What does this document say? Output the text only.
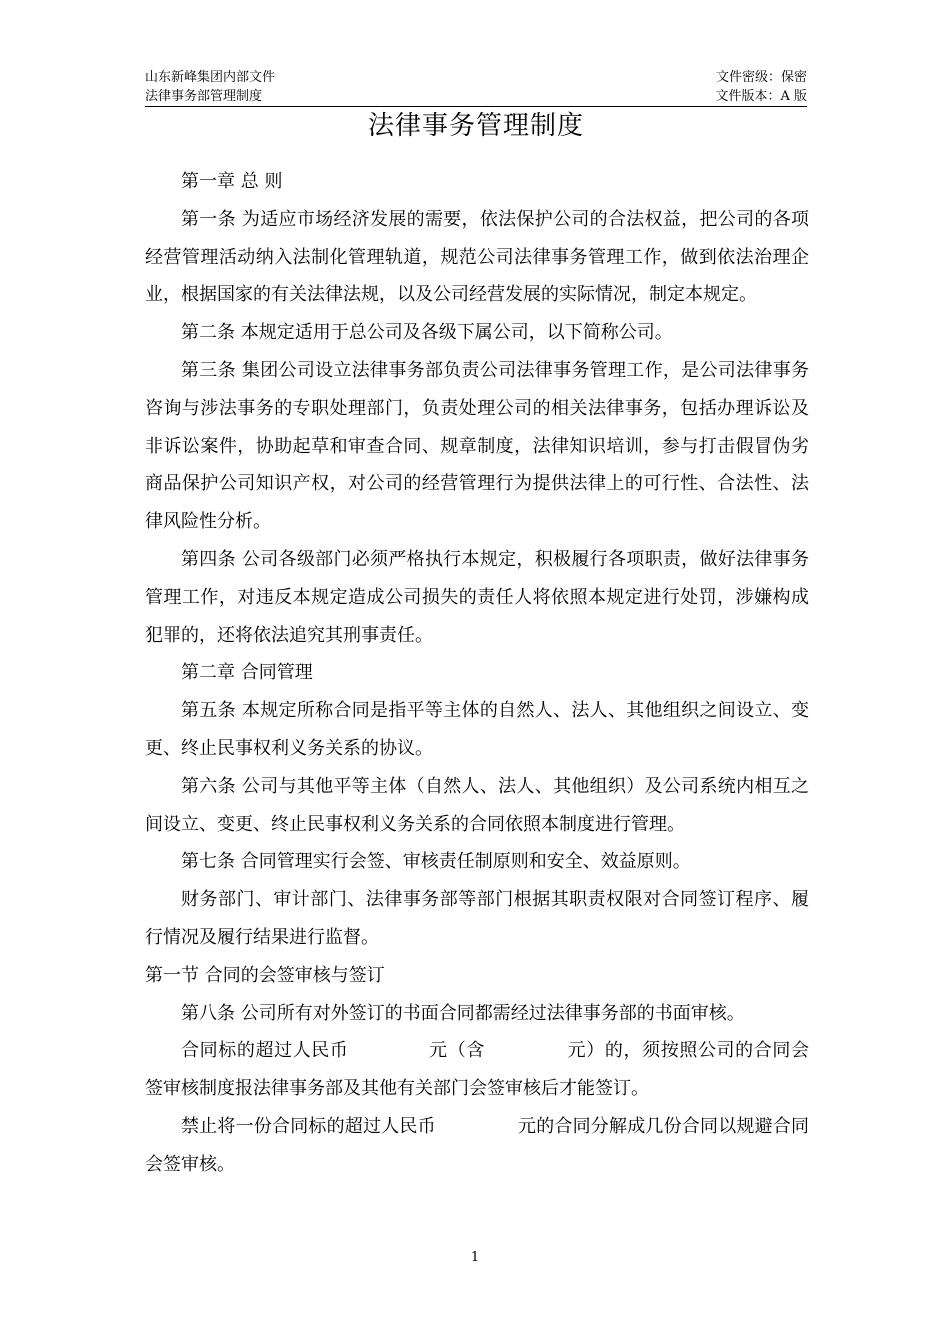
山东新峰集团内部文件	文件密级：保密
法律事务部管理制度	文件版本：A 版
法律事务管理制度

第一章 总 则

第一条 为适应市场经济发展的需要，依法保护公司的合法权益，把公司的各项经营管理活动纳入法制化管理轨道，规范公司法律事务管理工作，做到依法治理企业，根据国家的有关法律法规，以及公司经营发展的实际情况，制定本规定。

第二条 本规定适用于总公司及各级下属公司，以下简称公司。

第三条 集团公司设立法律事务部负责公司法律事务管理工作，是公司法律事务咨询与涉法事务的专职处理部门，负责处理公司的相关法律事务，包括办理诉讼及非诉讼案件，协助起草和审查合同、规章制度，法律知识培训，参与打击假冒伪劣商品保护公司知识产权，对公司的经营管理行为提供法律上的可行性、合法性、法律风险性分析。

第四条 公司各级部门必须严格执行本规定，积极履行各项职责，做好法律事务管理工作，对违反本规定造成公司损失的责任人将依照本规定进行处罚，涉嫌构成犯罪的，还将依法追究其刑事责任。

第二章 合同管理

第五条 本规定所称合同是指平等主体的自然人、法人、其他组织之间设立、变更、终止民事权利义务关系的协议。

第六条 公司与其他平等主体（自然人、法人、其他组织）及公司系统内相互之间设立、变更、终止民事权利义务关系的合同依照本制度进行管理。

第七条 合同管理实行会签、审核责任制原则和安全、效益原则。

财务部门、审计部门、法律事务部等部门根据其职责权限对合同签订程序、履行情况及履行结果进行监督。

第一节 合同的会签审核与签订

第八条 公司所有对外签订的书面合同都需经过法律事务部的书面审核。

合同标的超过人民币	元（含	元）的，须按照公司的合同会签审核制度报法律事务部及其他有关部门会签审核后才能签订。

禁止将一份合同标的超过人民币	元的合同分解成几份合同以规避合同会签审核。

1
